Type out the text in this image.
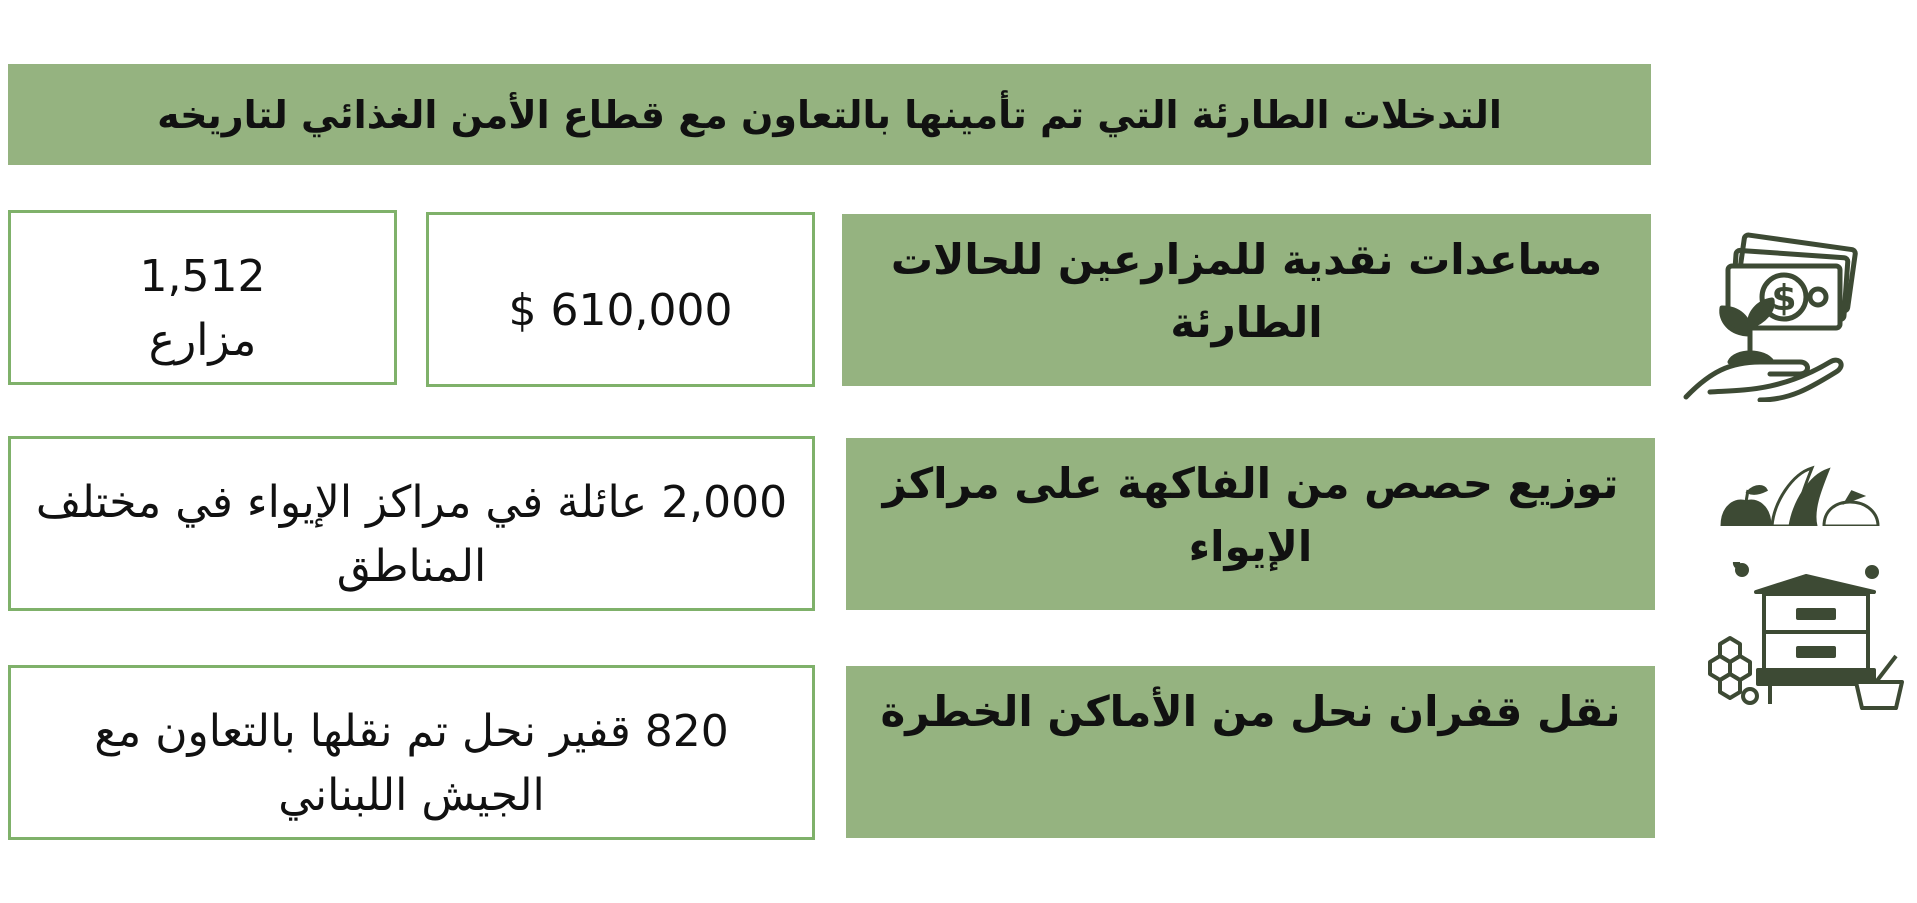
التدخلات الطارئة التي تم تأمينها بالتعاون مع قطاع الأمن الغذائي لتاريخه
مساعدات نقدية للمزارعين للحالات الطارئة
$ 610,000
1,512
مزارع
توزيع حصص من الفاكهة على مراكز الإيواء
2,000 عائلة في مراكز الإيواء في مختلف المناطق
نقل قفران نحل من الأماكن الخطرة
820 قفير نحل تم نقلها بالتعاون مع الجيش اللبناني
$
